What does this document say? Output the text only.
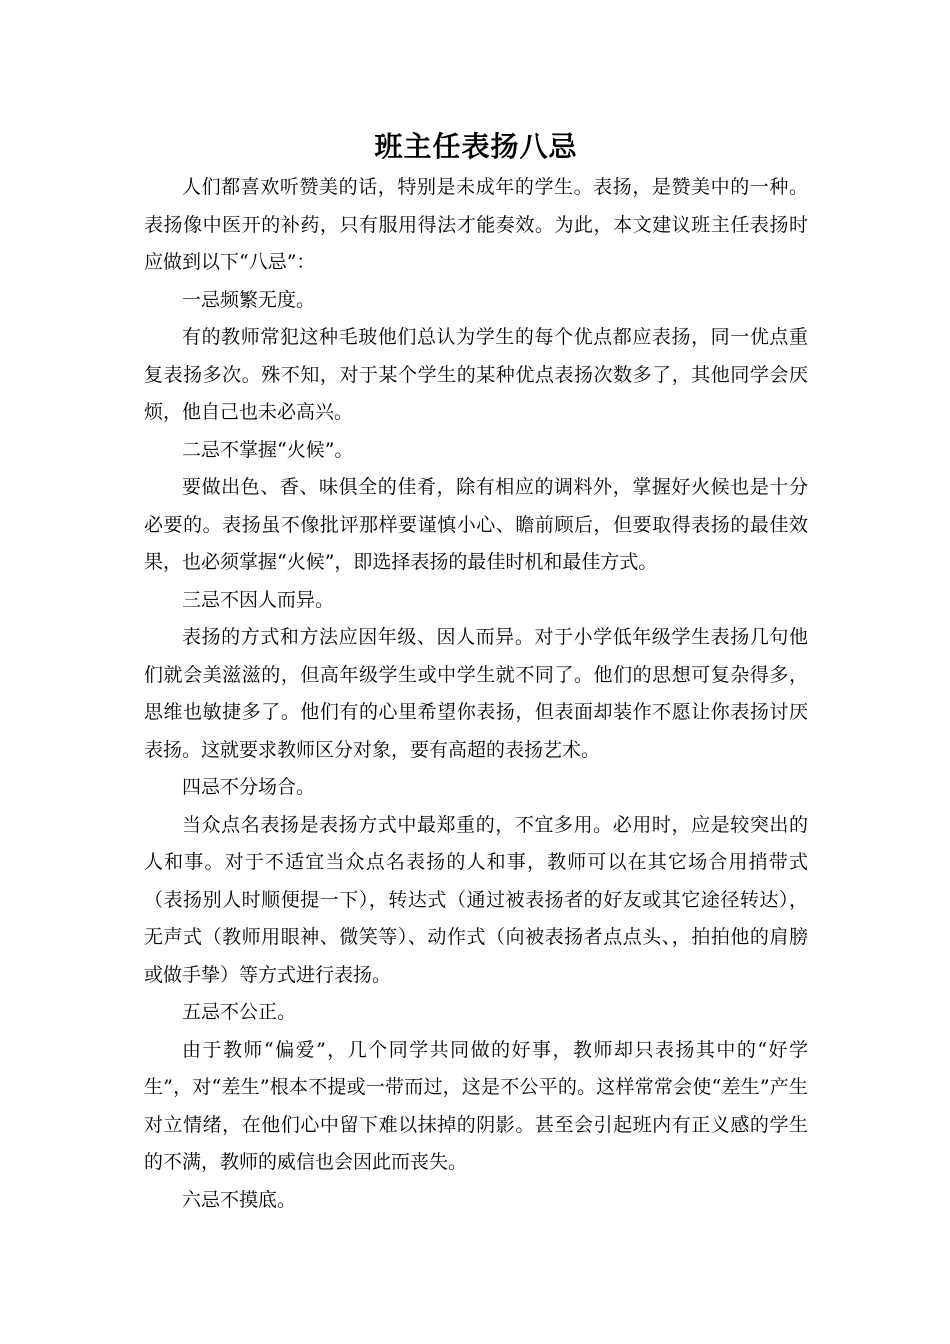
班主任表扬八忌

人们都喜欢听赞美的话，特别是未成年的学生。表扬，是赞美中的一种。表扬像中医开的补药，只有服用得法才能奏效。为此，本文建议班主任表扬时应做到以下“八忌”：

一忌频繁无度。

有的教师常犯这种毛玻他们总认为学生的每个优点都应表扬，同一优点重复表扬多次。殊不知，对于某个学生的某种优点表扬次数多了，其他同学会厌烦，他自己也未必高兴。

二忌不掌握“火候”。

要做出色、香、味俱全的佳肴，除有相应的调料外，掌握好火候也是十分必要的。表扬虽不像批评那样要谨慎小心、瞻前顾后，但要取得表扬的最佳效果，也必须掌握“火候”，即选择表扬的最佳时机和最佳方式。

三忌不因人而异。

表扬的方式和方法应因年级、因人而异。对于小学低年级学生表扬几句他们就会美滋滋的，但高年级学生或中学生就不同了。他们的思想可复杂得多，思维也敏捷多了。他们有的心里希望你表扬，但表面却装作不愿让你表扬讨厌表扬。这就要求教师区分对象，要有高超的表扬艺术。

四忌不分场合。

当众点名表扬是表扬方式中最郑重的，不宜多用。必用时，应是较突出的人和事。对于不适宜当众点名表扬的人和事，教师可以在其它场合用捎带式（表扬别人时顺便提一下），转达式（通过被表扬者的好友或其它途径转达），无声式（教师用眼神、微笑等）、动作式（向被表扬者点点头、，拍拍他的肩膀或做手挚）等方式进行表扬。

五忌不公正。

由于教师“偏爱”，几个同学共同做的好事，教师却只表扬其中的“好学生”，对“差生”根本不提或一带而过，这是不公平的。这样常常会使“差生”产生对立情绪，在他们心中留下难以抹掉的阴影。甚至会引起班内有正义感的学生的不满，教师的威信也会因此而丧失。

六忌不摸底。
